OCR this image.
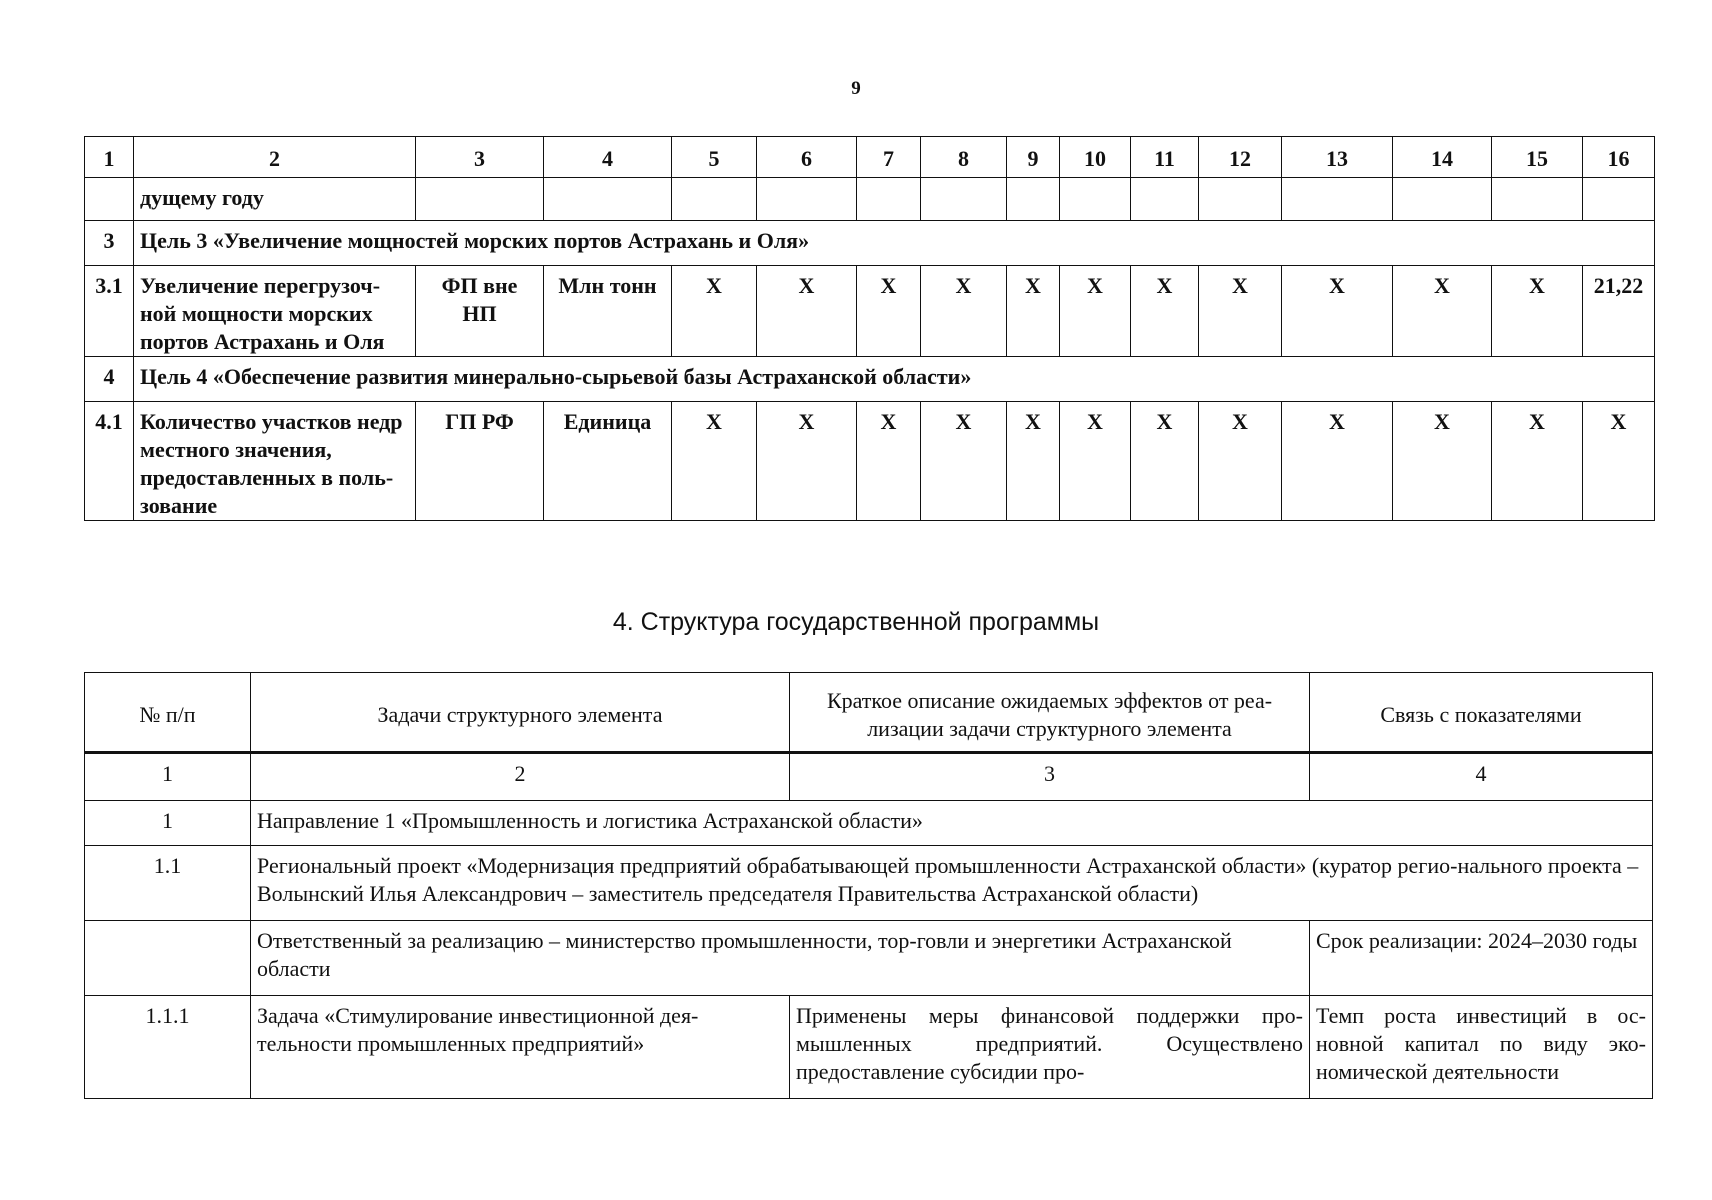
9
1	2	3	4	5	6	7	8	9	10	11	12	13	14	15	16
	дущему году														
3	Цель 3 «Увеличение мощностей морских портов Астрахань и Оля»														
3.1	Увеличение перегрузоч-ной мощности морских портов Астрахань и Оля	ФП вне НП	Млн тонн	Х	Х	Х	Х	Х	Х	Х	Х	Х	Х	Х	21,22
4	Цель 4 «Обеспечение развития минерально-сырьевой базы Астраханской области»														
4.1	Количество участков недр местного значения, предоставленных в поль-зование	ГП РФ	Единица	Х	Х	Х	Х	Х	Х	Х	Х	Х	Х	Х	Х
4. Структура государственной программы
№ п/п	Задачи структурного элемента	Краткое описание ожидаемых эффектов от реа-лизации задачи структурного элемента	Связь с показателями
1	2	3	4
1	Направление 1 «Промышленность и логистика Астраханской области»		
1.1	Региональный проект «Модернизация предприятий обрабатывающей промышленности Астраханской области» (куратор регио-нального проекта – Волынский Илья Александрович – заместитель председателя Правительства Астраханской области)		
	Ответственный за реализацию – министерство промышленности, тор-говли и энергетики Астраханской области		Срок реализации: 2024–2030 годы
1.1.1	Задача «Стимулирование инвестиционной дея-тельности промышленных предприятий»	Применены меры финансовой поддержки про-мышленных предприятий. Осуществлено предоставление субсидии про-	Темп роста инвестиций в ос-новной капитал по виду эко-номической деятельности
